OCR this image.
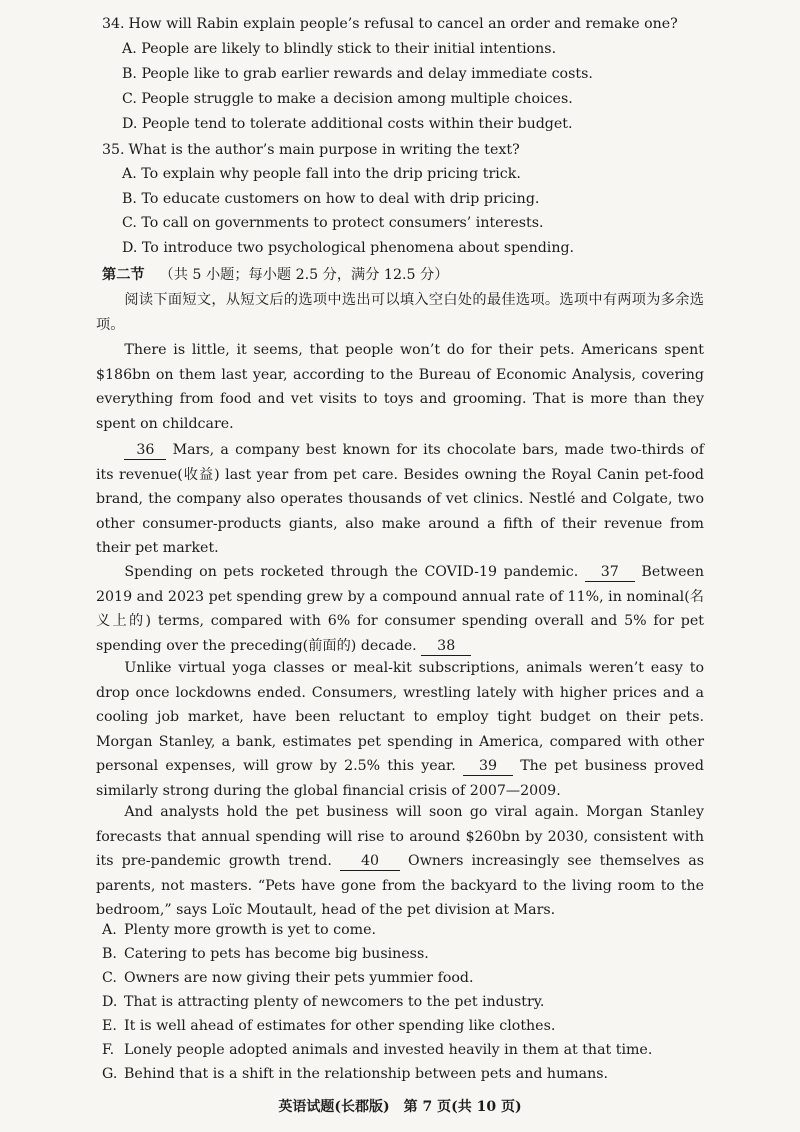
34. How will Rabin explain people’s refusal to cancel an order and remake one?
A. People are likely to blindly stick to their initial intentions.
B. People like to grab earlier rewards and delay immediate costs.
C. People struggle to make a decision among multiple choices.
D. People tend to tolerate additional costs within their budget.
35. What is the author’s main purpose in writing the text?
A. To explain why people fall into the drip pricing trick.
B. To educate customers on how to deal with drip pricing.
C. To call on governments to protect consumers’ interests.
D. To introduce two psychological phenomena about spending.
第二节 （共 5 小题；每小题 2.5 分，满分 12.5 分）
阅读下面短文，从短文后的选项中选出可以填入空白处的最佳选项。选项中有两项为多余选项。
There is little, it seems, that people won’t do for their pets. Americans spent $186bn on them last year, according to the Bureau of Economic Analysis, covering everything from food and vet visits to toys and grooming. That is more than they spent on childcare.
36 Mars, a company best known for its chocolate bars, made two-thirds of its revenue(收益) last year from pet care. Besides owning the Royal Canin pet-food brand, the company also operates thousands of vet clinics. Nestlé and Colgate, two other consumer-products giants, also make around a fifth of their revenue from their pet market.
Spending on pets rocketed through the COVID-19 pandemic. 37 Between 2019 and 2023 pet spending grew by a compound annual rate of 11%, in nominal(名义上的) terms, compared with 6% for consumer spending overall and 5% for pet spending over the preceding(前面的) decade. 38
Unlike virtual yoga classes or meal-kit subscriptions, animals weren’t easy to drop once lockdowns ended. Consumers, wrestling lately with higher prices and a cooling job market, have been reluctant to employ tight budget on their pets. Morgan Stanley, a bank, estimates pet spending in America, compared with other personal expenses, will grow by 2.5% this year. 39 The pet business proved similarly strong during the global financial crisis of 2007—2009.
And analysts hold the pet business will soon go viral again. Morgan Stanley forecasts that annual spending will rise to around $260bn by 2030, consistent with its pre-pandemic growth trend. 40 Owners increasingly see themselves as parents, not masters. “Pets have gone from the backyard to the living room to the bedroom,” says Loïc Moutault, head of the pet division at Mars.
A. Plenty more growth is yet to come.
B. Catering to pets has become big business.
C. Owners are now giving their pets yummier food.
D. That is attracting plenty of newcomers to the pet industry.
E. It is well ahead of estimates for other spending like clothes.
F. Lonely people adopted animals and invested heavily in them at that time.
G. Behind that is a shift in the relationship between pets and humans.
英语试题(长郡版) 第 7 页(共 10 页)
